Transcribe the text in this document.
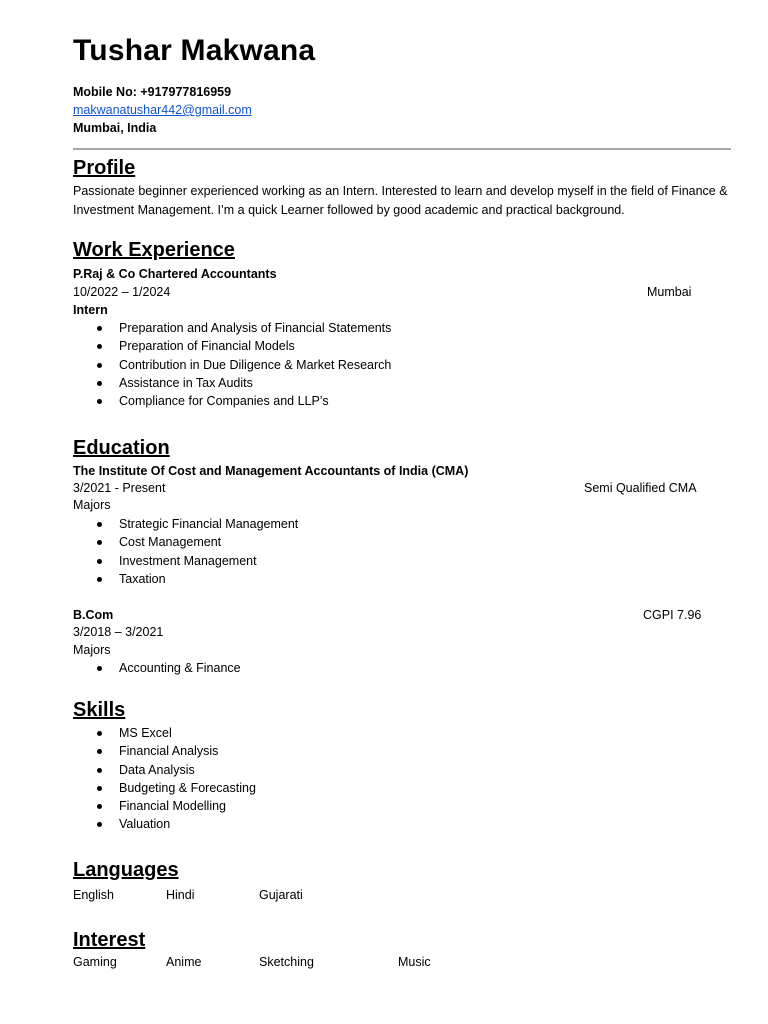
Tushar Makwana
Mobile No: +917977816959
makwanatushar442@gmail.com
Mumbai, India
Profile

Passionate beginner experienced working as an Intern. Interested to learn and develop myself in the field of Finance & Investment Management. I’m a quick Learner followed by good academic and practical background.

Work Experience
P.Raj & Co Chartered Accountants
10/2022 – 1/2024	Mumbai
Intern
Preparation and Analysis of Financial Statements
Preparation of Financial Models
Contribution in Due Diligence & Market Research
Assistance in Tax Audits
Compliance for Companies and LLP’s
Education
The Institute Of Cost and Management Accountants of India (CMA)
3/2021 - Present	Semi Qualified CMA
Majors
Strategic Financial Management
Cost Management
Investment Management
Taxation
B.Com	CGPI 7.96
3/2018 – 3/2021
Majors
Accounting & Finance
Skills
MS Excel
Financial Analysis
Data Analysis
Budgeting & Forecasting
Financial Modelling
Valuation
Languages
English	Hindi	Gujarati
Interest
Gaming	Anime	Sketching	Music
